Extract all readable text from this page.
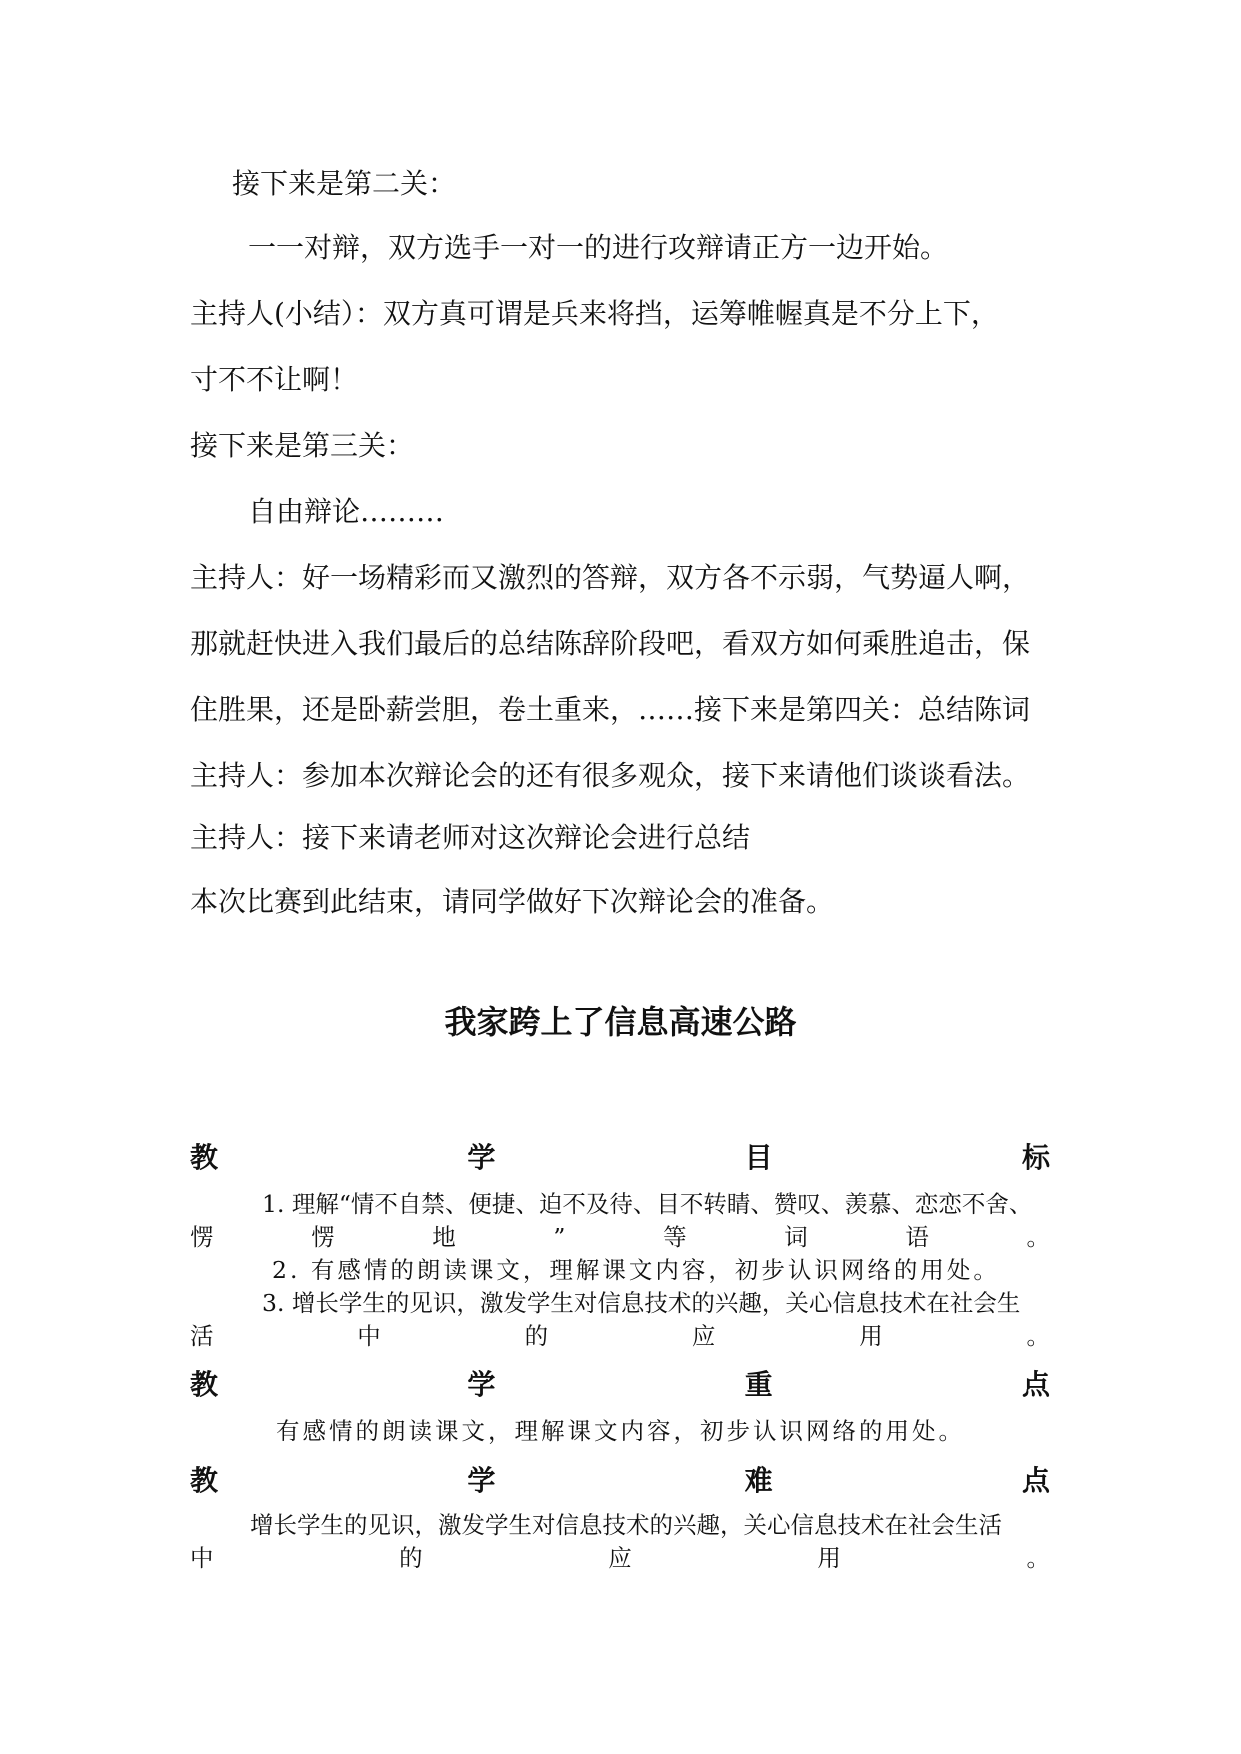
接下来是第二关：
一一对辩，双方选手一对一的进行攻辩请正方一边开始。
主持人(小结）：双方真可谓是兵来将挡，运筹帷幄真是不分上下，
寸不不让啊！
接下来是第三关：
自由辩论………
主持人：好一场精彩而又激烈的答辩，双方各不示弱，气势逼人啊，
那就赶快进入我们最后的总结陈辞阶段吧，看双方如何乘胜追击，保
住胜果，还是卧薪尝胆，卷土重来，……接下来是第四关：总结陈词
主持人：参加本次辩论会的还有很多观众，接下来请他们谈谈看法。
主持人：接下来请老师对这次辩论会进行总结
本次比赛到此结束，请同学做好下次辩论会的准备。
我家跨上了信息高速公路
教	学	目	标
1. 理解“情不自禁、便捷、迫不及待、目不转睛、赞叹、羡慕、恋恋不舍、
愣	愣	地	”	等	词	语	。
2. 有感情的朗读课文，理解课文内容，初步认识网络的用处。
3. 增长学生的见识，激发学生对信息技术的兴趣，关心信息技术在社会生
活	中	的	应	用	。
教	学	重	点
有感情的朗读课文，理解课文内容，初步认识网络的用处。
教	学	难	点
增长学生的见识，激发学生对信息技术的兴趣，关心信息技术在社会生活
中	的	应	用	。
